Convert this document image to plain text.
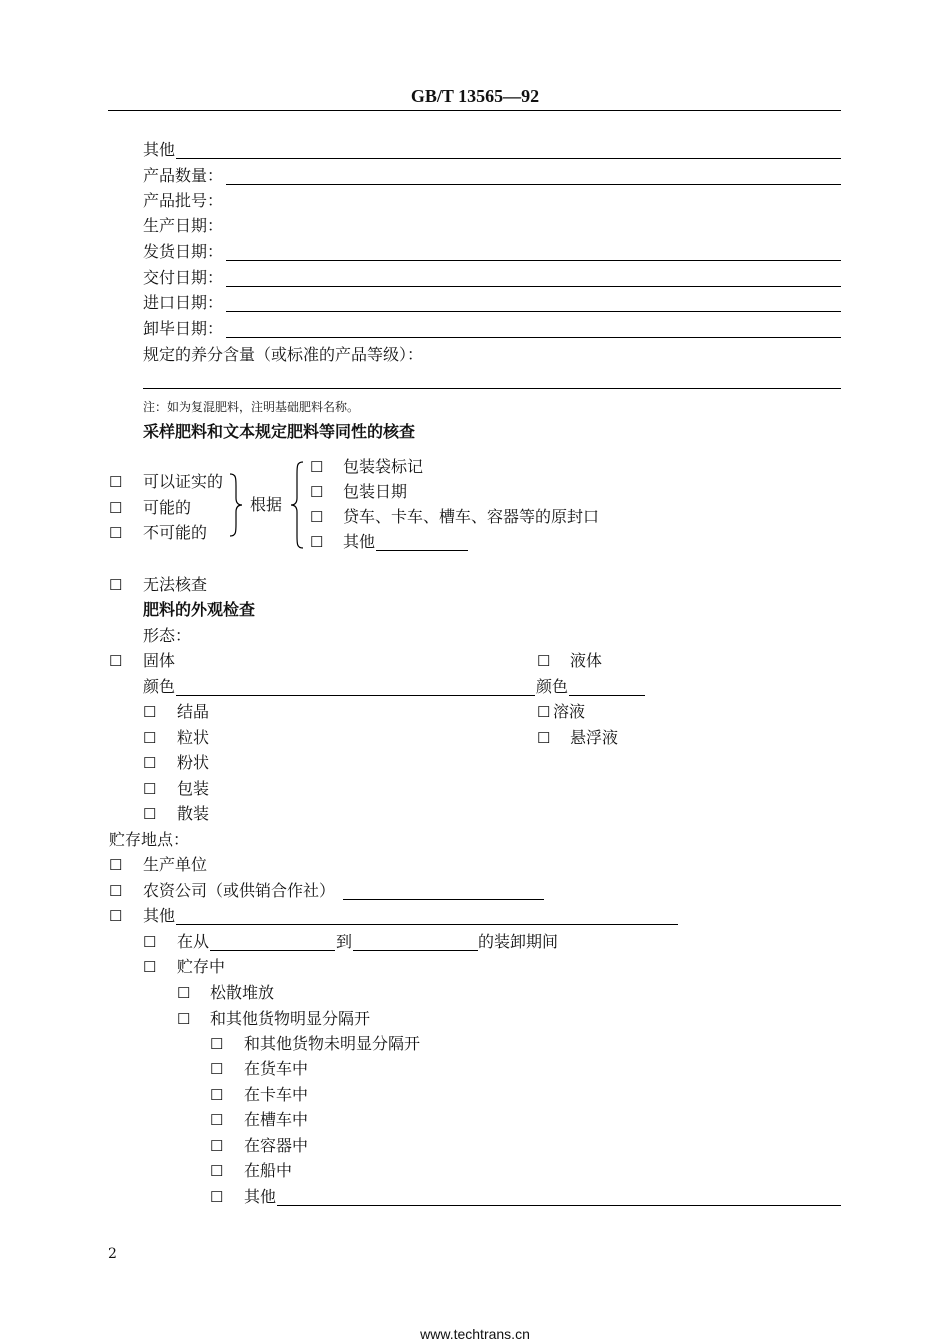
GB/T 13565—92
其他
产品数量：
产品批号：
生产日期：
发货日期：
交付日期：
进口日期：
卸毕日期：
规定的养分含量（或标准的产品等级）：
注：如为复混肥料，注明基础肥料名称。
采样肥料和文本规定肥料等同性的核查
☐ 可以证实的
☐ 可能的
☐ 不可能的
根据
☐ 包装袋标记
☐ 包装日期
☐ 贷车、卡车、槽车、容器等的原封口
☐ 其他
☐ 无法核查
肥料的外观检查
形态：
☐ 固体	☐ 液体
颜色	颜色
☐ 结晶	☐ 溶液
☐ 粒状	☐ 悬浮液
☐ 粉状
☐ 包装
☐ 散装
贮存地点：
☐ 生产单位
☐ 农资公司（或供销合作社）
☐ 其他
☐ 在从	到	的装卸期间
☐ 贮存中
☐ 松散堆放
☐ 和其他货物明显分隔开
☐ 和其他货物未明显分隔开
☐ 在货车中
☐ 在卡车中
☐ 在槽车中
☐ 在容器中
☐ 在船中
☐ 其他
2
www.techtrans.cn
